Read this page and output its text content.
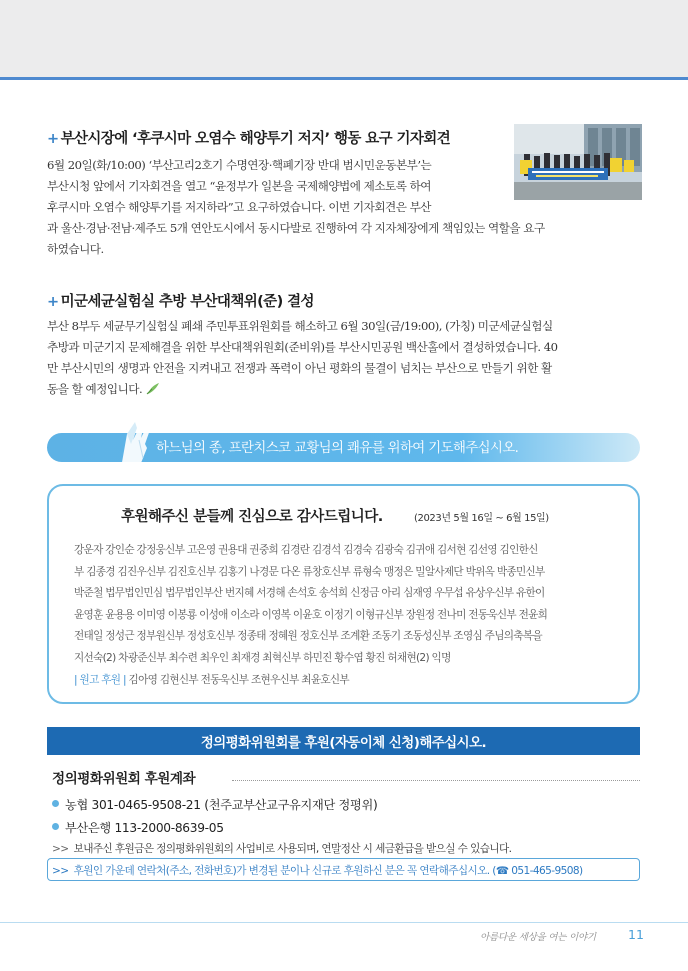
+ 부산시장에 ‘후쿠시마 오염수 해양투기 저지’ 행동 요구 기자회견
6월 20일(화/10:00) ‘부산고리2호기 수명연장·핵폐기장 반대 범시민운동본부’는
부산시청 앞에서 기자회견을 열고 “윤정부가 일본을 국제해양법에 제소토록 하여
후쿠시마 오염수 해양투기를 저지하라”고 요구하였습니다. 이번 기자회견은 부산
과 울산·경남·전남·제주도 5개 연안도시에서 동시다발로 진행하여 각 지자체장에게 책임있는 역할을 요구
하였습니다.
+ 미군세균실험실 추방 부산대책위(준) 결성
부산 8부두 세균무기실험실 폐쇄 주민투표위원회를 해소하고 6월 30일(금/19:00), (가칭) 미군세균실험실
추방과 미군기지 문제해결을 위한 부산대책위원회(준비위)를 부산시민공원 백산홀에서 결성하였습니다. 40
만 부산시민의 생명과 안전을 지켜내고 전쟁과 폭력이 아닌 평화의 물결이 넘치는 부산으로 만들기 위한 활
동을 할 예정입니다.
하느님의 종, 프란치스코 교황님의 쾌유를 위하여 기도해주십시오.
후원해주신 분들께 진심으로 감사드립니다.	(2023년 5월 16일 ~ 6월 15일)
강운자 강인순 강정웅신부 고은영 권용대 권중희 김경란 김경석 김경숙 김광숙 김귀애 김서현 김선영 김인한신
부 김종경 김진우신부 김진호신부 김홍기 나경문 다온 류창호신부 류형숙 맹정은 밀알사제단 박위옥 박종민신부
박준철 법무법인민심 법무법인부산 번지혜 서경해 손석호 송석희 신정금 아리 심재영 우무섭 유상우신부 유한이
윤영훈 윤용용 이미영 이봉룡 이성애 이소라 이영복 이윤호 이정기 이형규신부 장원정 전나미 전동욱신부 전윤희
전태일 정성근 정부원신부 정성호신부 정종태 정혜원 정호신부 조계환 조동기 조동성신부 조영심 주님의축복을
지선숙(2) 차광준신부 최수련 최우인 최재경 최혁신부 하민진 황수엽 황진 허채현(2) 익명
| 원고 후원 | 김아영 김현신부 전동욱신부 조현우신부 최윤호신부
정의평화위원회를 후원(자동이체 신청)해주십시오.
정의평화위원회 후원계좌
농협 301-0465-9508-21 (천주교부산교구유지재단 정평위)
부산은행 113-2000-8639-05
>> 보내주신 후원금은 정의평화위원회의 사업비로 사용되며, 연말정산 시 세금환급을 받으실 수 있습니다.
>> 후원인 가운데 연락처(주소, 전화번호)가 변경된 분이나 신규로 후원하신 분은 꼭 연락해주십시오. (☎ 051-465-9508)
아름다운 세상을 여는 이야기	11
